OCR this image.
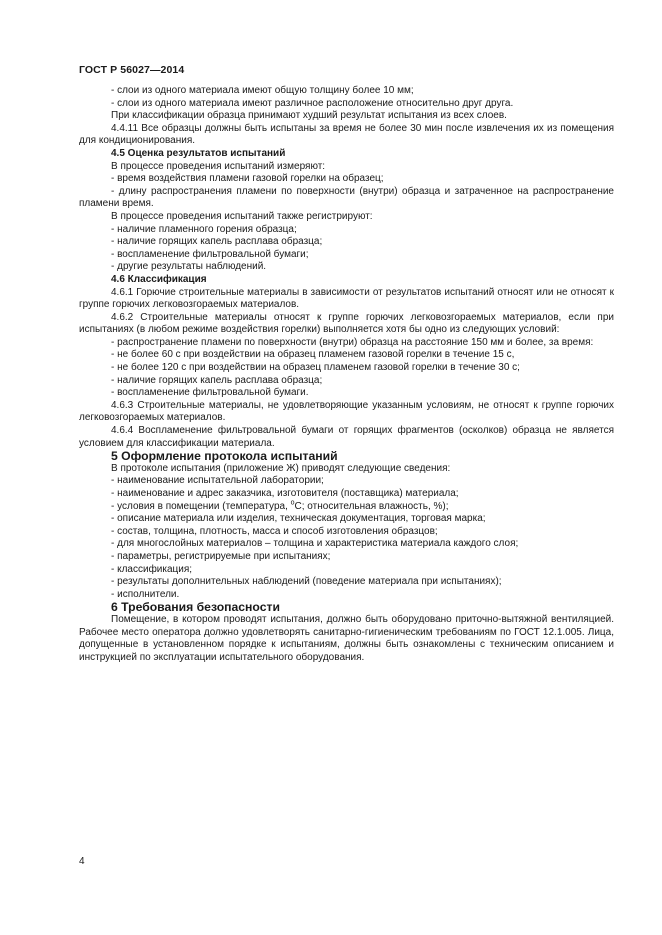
ГОСТ Р 56027—2014

- слои из одного материала имеют общую толщину более 10 мм;

- слои из одного материала имеют различное расположение относительно друг друга.

При классификации образца принимают худший результат испытания из всех слоев.

4.4.11 Все образцы должны быть испытаны за время не более 30 мин после извлечения их из помещения для кондиционирования.

4.5 Оценка результатов испытаний

В процессе проведения испытаний измеряют:

- время воздействия пламени газовой горелки на образец;

- длину распространения пламени по поверхности (внутри) образца и затраченное на распространение пламени время.

В процессе проведения испытаний также регистрируют:

- наличие пламенного горения образца;

- наличие горящих капель расплава образца;

- воспламенение фильтровальной бумаги;

- другие результаты наблюдений.

4.6 Классификация

4.6.1 Горючие строительные материалы в зависимости от результатов испытаний относят или не относят к группе горючих легковозгораемых материалов.

4.6.2 Строительные материалы относят к группе горючих легковозгораемых материалов, если при испытаниях (в любом режиме воздействия горелки) выполняется хотя бы одно из следующих условий:

- распространение пламени по поверхности (внутри) образца на расстояние 150 мм и более, за время:

- не более 60 с при воздействии на образец пламенем газовой горелки в течение 15 с,

- не более 120 с при воздействии на образец пламенем газовой горелки в течение 30 с;

- наличие горящих капель расплава образца;

- воспламенение фильтровальной бумаги.

4.6.3 Строительные материалы, не удовлетворяющие указанным условиям, не относят к группе горючих легковозгораемых материалов.

4.6.4 Воспламенение фильтровальной бумаги от горящих фрагментов (осколков) образца не является условием для классификации материала.

5 Оформление протокола испытаний

В протоколе испытания (приложение Ж) приводят следующие сведения:

- наименование испытательной лаборатории;

- наименование и адрес заказчика, изготовителя (поставщика) материала;

- условия в помещении (температура, $^о$С; относительная влажность, %);

- описание материала или изделия, техническая документация, торговая марка;

- состав, толщина, плотность, масса и способ изготовления образцов;

- для многослойных материалов – толщина и характеристика материала каждого слоя;

- параметры, регистрируемые при испытаниях;

- классификация;

- результаты дополнительных наблюдений (поведение материала при испытаниях);

- исполнители.

6 Требования безопасности

Помещение, в котором проводят испытания, должно быть оборудовано приточно-вытяжной вентиляцией. Рабочее место оператора должно удовлетворять санитарно-гигиеническим требованиям по ГОСТ 12.1.005. Лица, допущенные в установленном порядке к испытаниям, должны быть ознакомлены с техническим описанием и инструкцией по эксплуатации испытательного оборудования.

4
